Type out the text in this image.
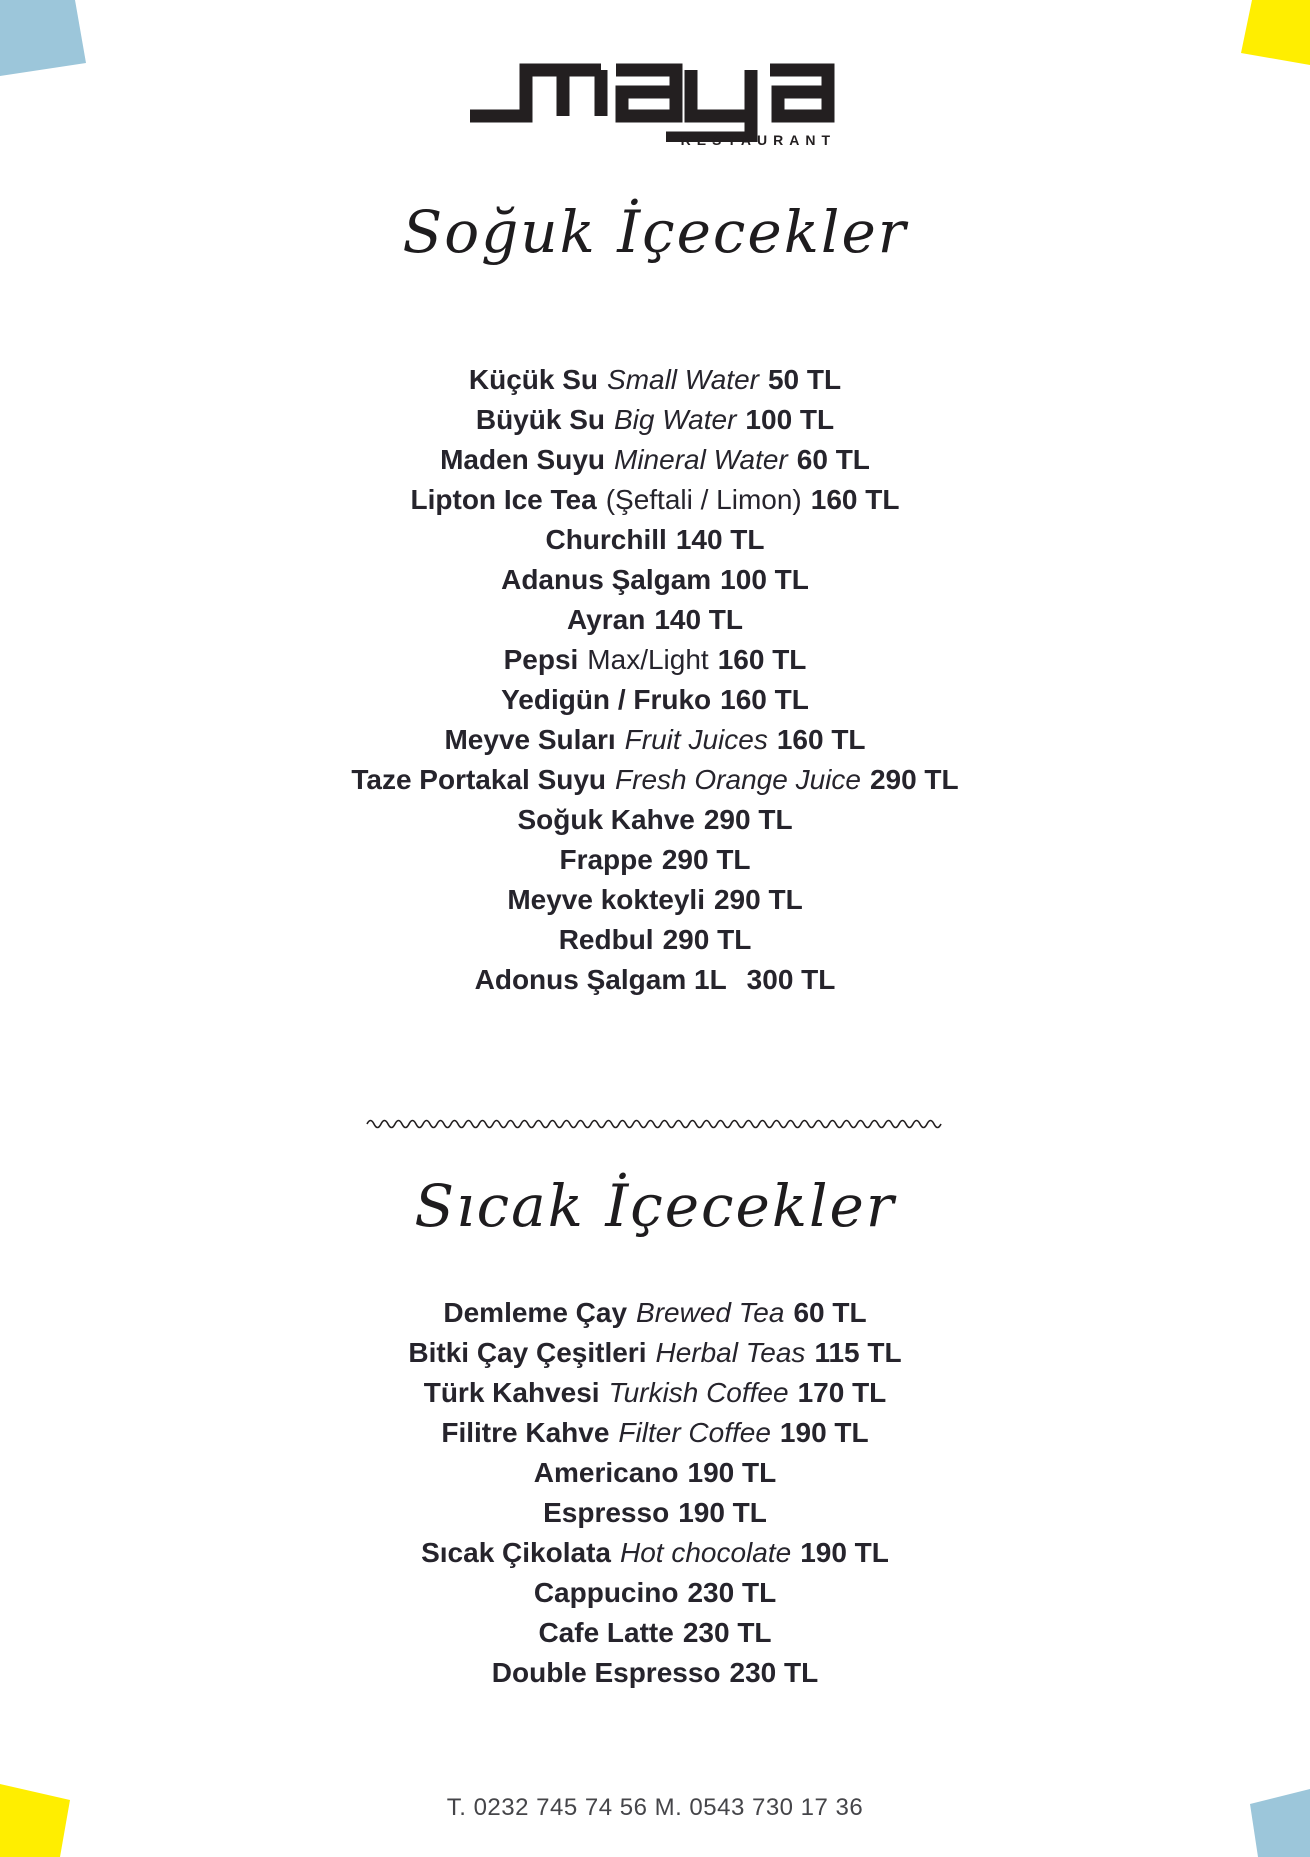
RESTAURANT
Soğuk İçecekler
Küçük Su Small Water 50 TL
Büyük Su Big Water 100 TL
Maden Suyu Mineral Water 60 TL
Lipton Ice Tea (Şeftali / Limon) 160 TL
Churchill 140 TL
Adanus Şalgam 100 TL
Ayran 140 TL
Pepsi Max/Light 160 TL
Yedigün / Fruko 160 TL
Meyve Suları Fruit Juices 160 TL
Taze Portakal Suyu Fresh Orange Juice 290 TL
Soğuk Kahve 290 TL
Frappe 290 TL
Meyve kokteyli 290 TL
Redbul 290 TL
Adonus Şalgam 1L 300 TL
Sıcak İçecekler
Demleme Çay Brewed Tea 60 TL
Bitki Çay Çeşitleri Herbal Teas 115 TL
Türk Kahvesi Turkish Coffee 170 TL
Filitre Kahve Filter Coffee 190 TL
Americano 190 TL
Espresso 190 TL
Sıcak Çikolata Hot chocolate 190 TL
Cappucino 230 TL
Cafe Latte 230 TL
Double Espresso 230 TL
T. 0232 745 74 56 M. 0543 730 17 36
